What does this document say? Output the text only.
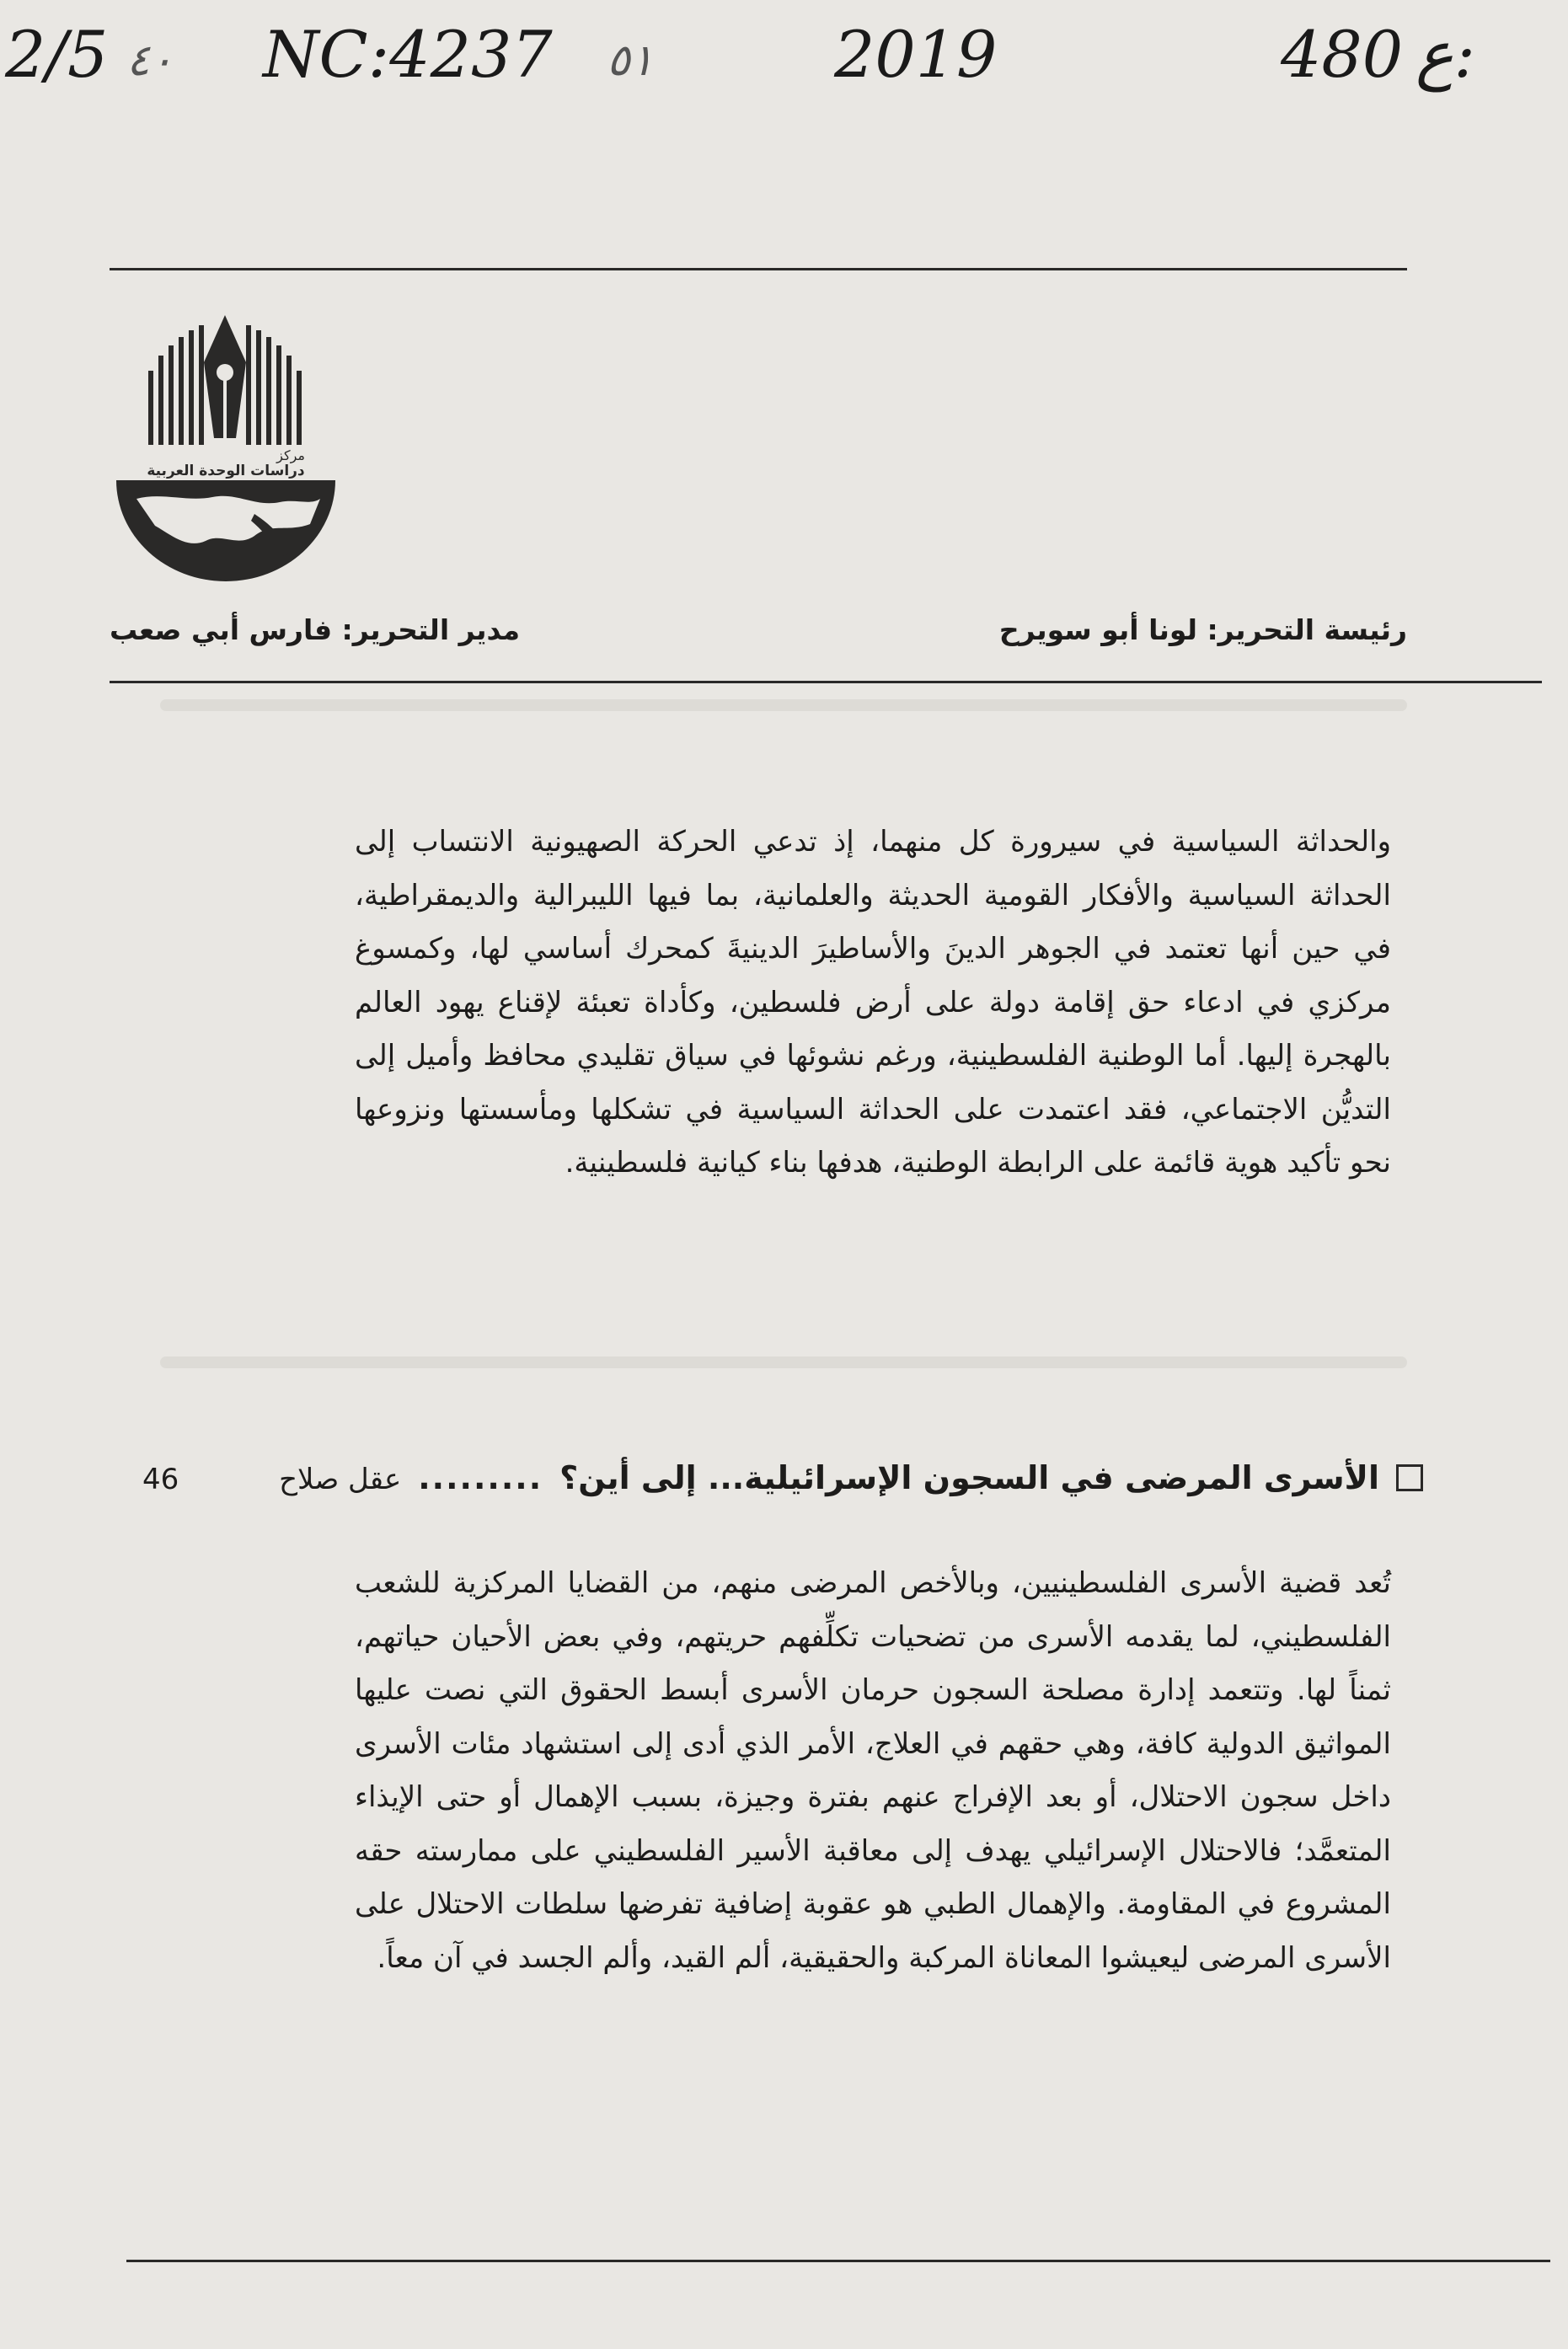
2/5 ٤٠ NC:4237 ٥١	2019	480 ع:
مركز
دراسات الوحدة العربية
رئيسة التحرير: لونا أبو سويرح
مدير التحرير: فارس أبي صعب

والحداثة السياسية في سيرورة كل منهما، إذ تدعي الحركة الصهيونية الانتساب إلى الحداثة السياسية والأفكار القومية الحديثة والعلمانية، بما فيها الليبرالية والديمقراطية، في حين أنها تعتمد في الجوهر الدينَ والأساطيرَ الدينيةَ كمحرك أساسي لها، وكمسوغ مركزي في ادعاء حق إقامة دولة على أرض فلسطين، وكأداة تعبئة لإقناع يهود العالم بالهجرة إليها. أما الوطنية الفلسطينية، ورغم نشوئها في سياق تقليدي محافظ وأميل إلى التديُّن الاجتماعي، فقد اعتمدت على الحداثة السياسية في تشكلها ومأسستها ونزوعها نحو تأكيد هوية قائمة على الرابطة الوطنية، هدفها بناء كيانية فلسطينية.

الأسرى المرضى في السجون الإسرائيلية... إلى أين؟
.........
عقل صلاح
46

تُعد قضية الأسرى الفلسطينيين، وبالأخص المرضى منهم، من القضايا المركزية للشعب الفلسطيني، لما يقدمه الأسرى من تضحيات تكلِّفهم حريتهم، وفي بعض الأحيان حياتهم، ثمناً لها. وتتعمد إدارة مصلحة السجون حرمان الأسرى أبسط الحقوق التي نصت عليها المواثيق الدولية كافة، وهي حقهم في العلاج، الأمر الذي أدى إلى استشهاد مئات الأسرى داخل سجون الاحتلال، أو بعد الإفراج عنهم بفترة وجيزة، بسبب الإهمال أو حتى الإيذاء المتعمَّد؛ فالاحتلال الإسرائيلي يهدف إلى معاقبة الأسير الفلسطيني على ممارسته حقه المشروع في المقاومة. والإهمال الطبي هو عقوبة إضافية تفرضها سلطات الاحتلال على الأسرى المرضى ليعيشوا المعاناة المركبة والحقيقية، ألم القيد، وألم الجسد في آن معاً.
